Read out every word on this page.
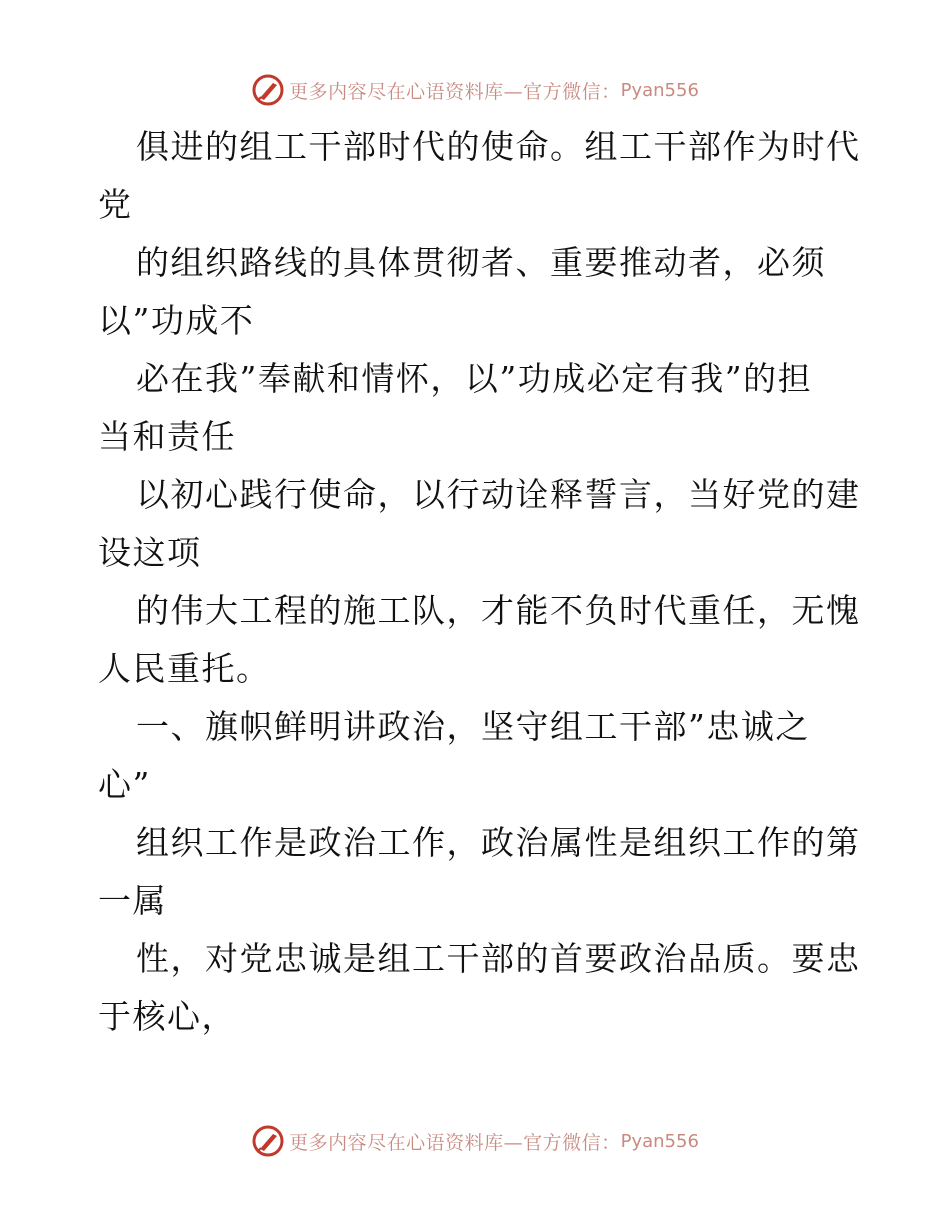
更多内容尽在心语资料库—官方微信： Pyan556
俱进的组工干部时代的使命。组工干部作为时代
党
的组织路线的具体贯彻者、重要推动者，必须
以”功成不
必在我”奉献和情怀，以”功成必定有我”的担
当和责任
以初心践行使命，以行动诠释誓言，当好党的建
设这项
的伟大工程的施工队，才能不负时代重任，无愧
人民重托。
一、旗帜鲜明讲政治，坚守组工干部”忠诚之
心”
组织工作是政治工作，政治属性是组织工作的第
一属
性，对党忠诚是组工干部的首要政治品质。要忠
于核心，
更多内容尽在心语资料库—官方微信： Pyan556
